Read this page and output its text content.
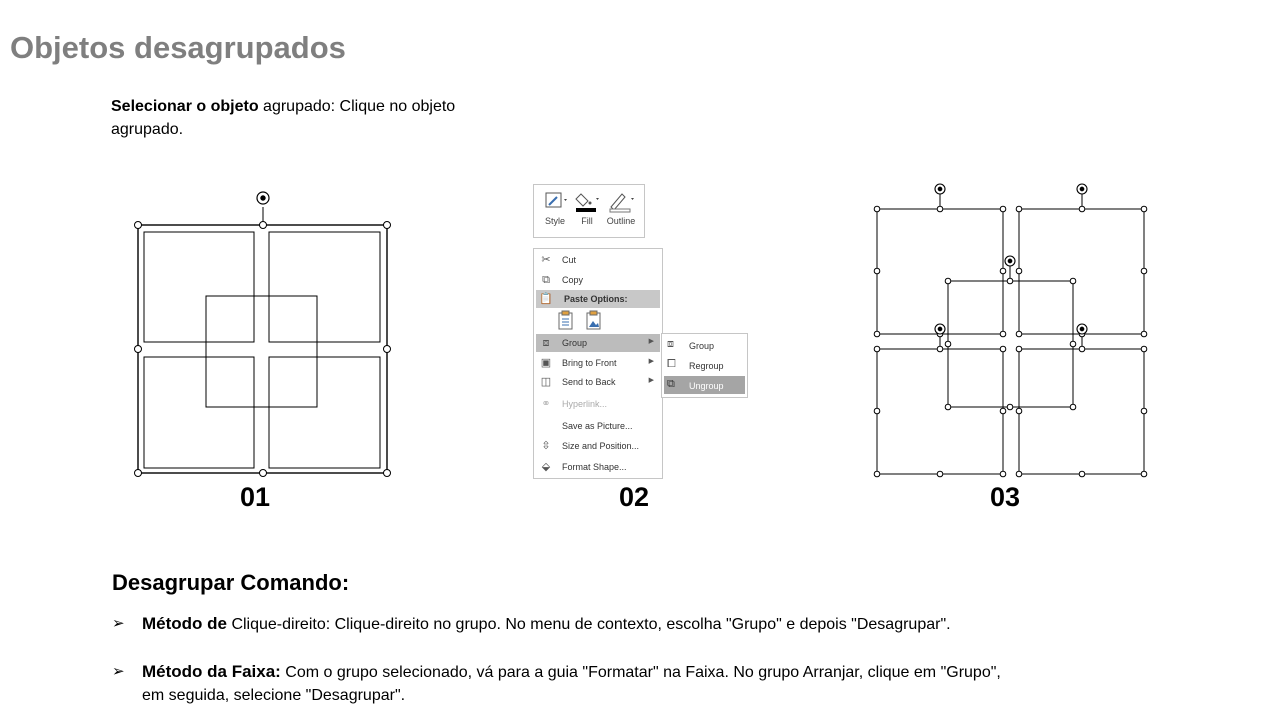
Objetos desagrupados
Selecionar o objeto agrupado: Clique no objeto agrupado.
01
Style	Fill	Outline
✂ Cut
⧉	Copy
📋 Paste Options:
⧈	Group	▶
▣ Bring to Front	▶
◫ Send to Back	▶
⚭ Hyperlink...
Save as Picture...
⇳ Size and Position...
⬙	Format Shape...
⧈ Group
⧠ Regroup
⧉ Ungroup
02	03
Desagrupar Comando:
➢ Método de Clique-direito: Clique-direito no grupo. No menu de contexto, escolha "Grupo" e depois "Desagrupar".
➢ Método da Faixa: Com o grupo selecionado, vá para a guia "Formatar" na Faixa. No grupo Arranjar, clique em "Grupo", em seguida, selecione "Desagrupar".
